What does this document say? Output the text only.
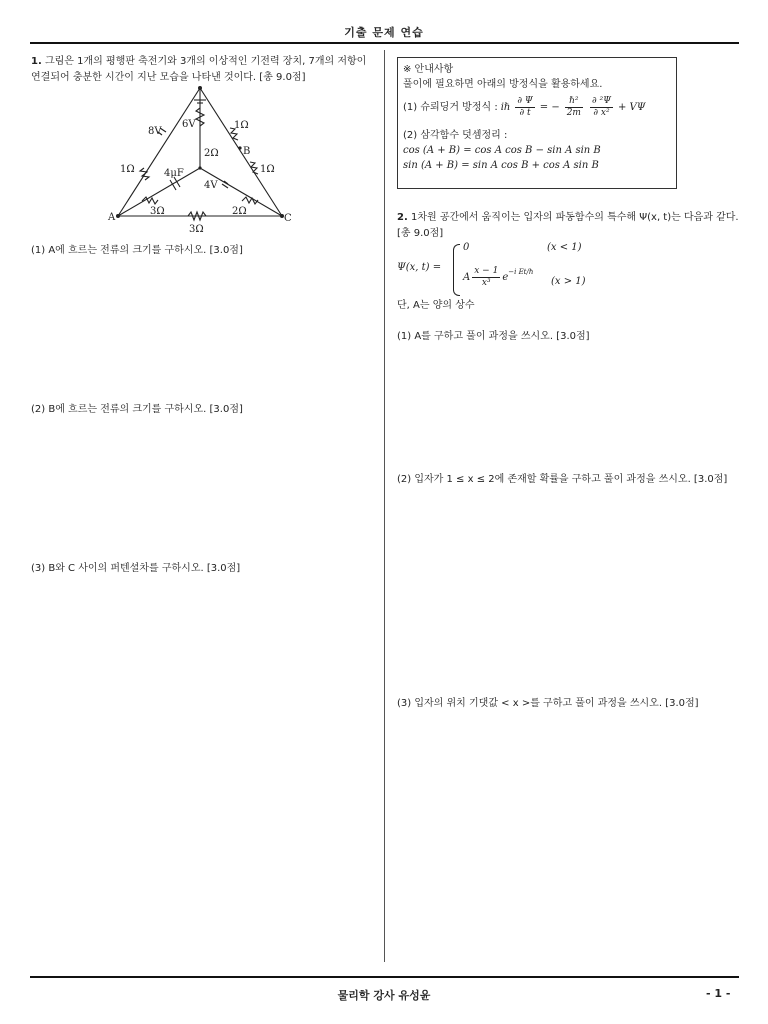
기출 문제 연습
1. 그림은 1개의 평행판 축전기와 3개의 이상적인 기전력 장치, 7개의 저항이 연결되어 충분한 시간이 지난 모습을 나타낸 것이다. [총 9.0점]
A
B
C
8V
6V
4V
1Ω
1Ω
2Ω
1Ω
3Ω	2Ω
3Ω
4μF
(1) A에 흐르는 전류의 크기를 구하시오. [3.0점]
(2) B에 흐르는 전류의 크기를 구하시오. [3.0점]
(3) B와 C 사이의 퍼텐셜차를 구하시오. [3.0점]
※ 안내사항
풀이에 필요하면 아래의 방정식을 활용하세요.
(1) 슈뢰딩거 방정식 : iℏ $\frac{\partial \Psi}{\partial t}$ = − $\frac{\text{ℏ²}}{2m} \frac{\text{∂ ²Ψ}}{\text{∂ x²}} + V\Psi$
(2) 삼각함수 덧셈정리 :
cos (A + B) = cos A cos B − sin A sin B
sin (A + B) = sin A cos B + cos A sin B
2. 1차원 공간에서 움직이는 입자의 파동함수의 특수해 Ψ(x, t)는 다음과 같다. [총 9.0점]
Ψ(x, t) =
0	(x < 1)
A $\frac{x - 1}{\text{x³}}$ e
$^{-i Et/\hbar}$
(x > 1)
단, A는 양의 상수
(1) A를 구하고 풀이 과정을 쓰시오. [3.0점]
(2) 입자가 1 ≤ x ≤ 2에 존재할 확률을 구하고 풀이 과정을 쓰시오. [3.0점]
(3) 입자의 위치 기댓값 < x >를 구하고 풀이 과정을 쓰시오. [3.0점]
물리학 강사 유성윤	- 1 -
